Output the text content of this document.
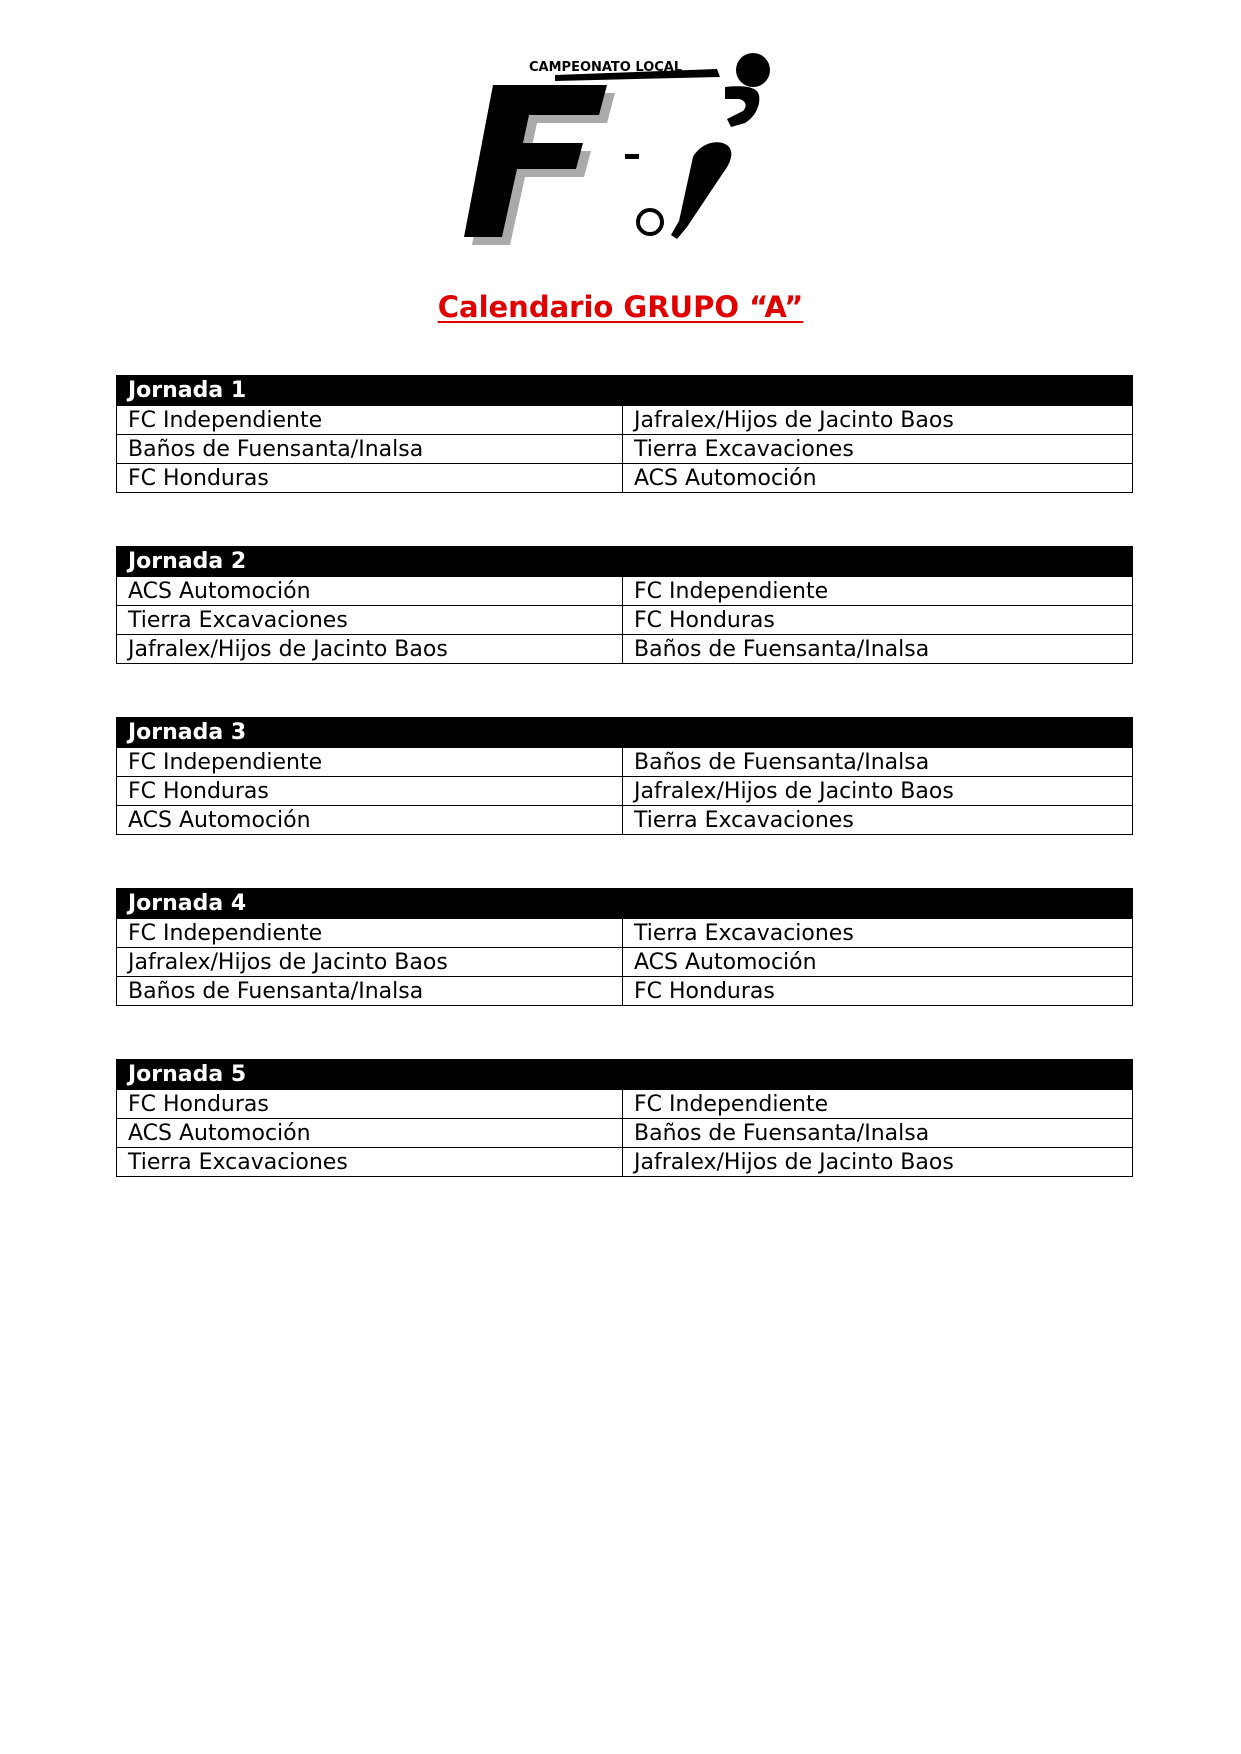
CAMPEONATO LOCAL
Calendario GRUPO “A”
Jornada 1	
FC Independiente	Jafralex/Hijos de Jacinto Baos
Baños de Fuensanta/Inalsa	Tierra Excavaciones
FC Honduras	ACS Automoción
Jornada 2	
ACS Automoción	FC Independiente
Tierra Excavaciones	FC Honduras
Jafralex/Hijos de Jacinto Baos	Baños de Fuensanta/Inalsa
Jornada 3	
FC Independiente	Baños de Fuensanta/Inalsa
FC Honduras	Jafralex/Hijos de Jacinto Baos
ACS Automoción	Tierra Excavaciones
Jornada 4	
FC Independiente	Tierra Excavaciones
Jafralex/Hijos de Jacinto Baos	ACS Automoción
Baños de Fuensanta/Inalsa	FC Honduras
Jornada 5	
FC Honduras	FC Independiente
ACS Automoción	Baños de Fuensanta/Inalsa
Tierra Excavaciones	Jafralex/Hijos de Jacinto Baos
